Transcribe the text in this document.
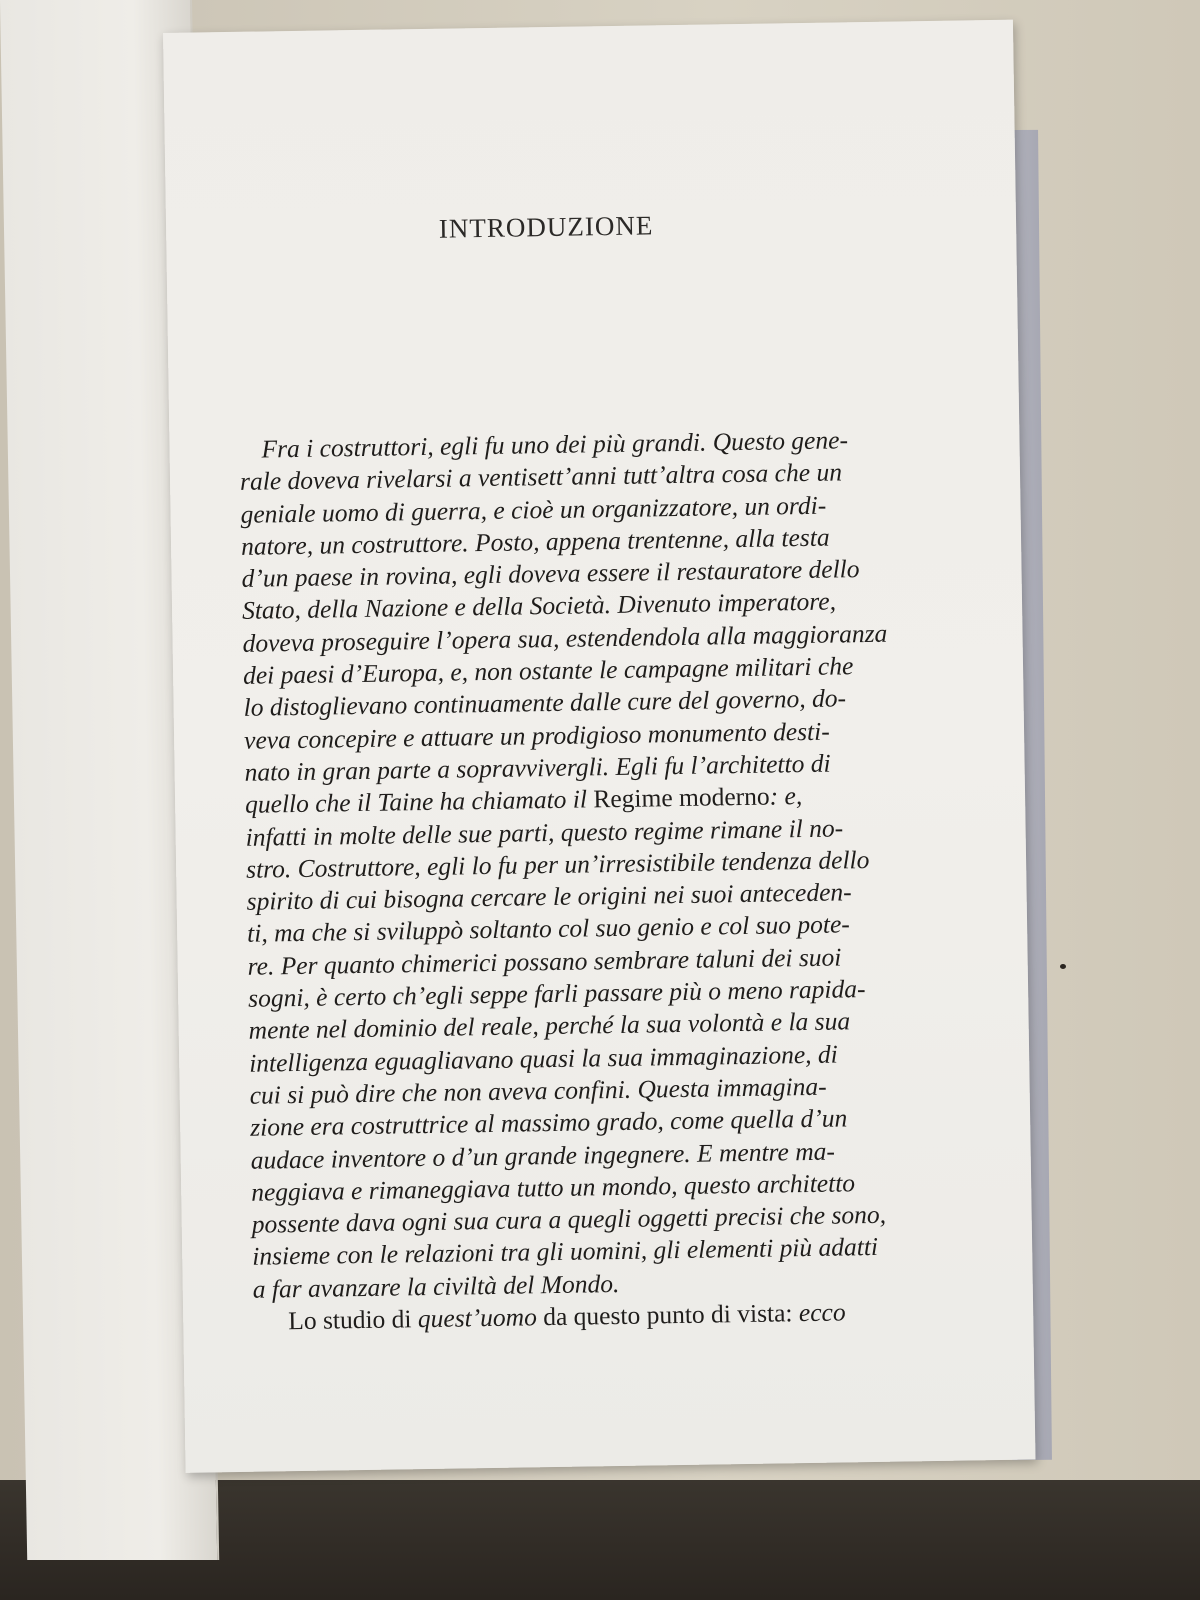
INTRODUZIONE
Fra i costruttori, egli fu uno dei più grandi. Questo gene-
rale doveva rivelarsi a ventisett’anni tutt’altra cosa che un
geniale uomo di guerra, e cioè un organizzatore, un ordi-
natore, un costruttore. Posto, appena trentenne, alla testa
d’un paese in rovina, egli doveva essere il restauratore dello
Stato, della Nazione e della Società. Divenuto imperatore,
doveva proseguire l’opera sua, estendendola alla maggioranza
dei paesi d’Europa, e, non ostante le campagne militari che
lo distoglievano continuamente dalle cure del governo, do-
veva concepire e attuare un prodigioso monumento desti-
nato in gran parte a sopravvivergli. Egli fu l’architetto di
quello che il Taine ha chiamato il Regime moderno: e,
infatti in molte delle sue parti, questo regime rimane il no-
stro. Costruttore, egli lo fu per un’irresistibile tendenza dello
spirito di cui bisogna cercare le origini nei suoi anteceden-
ti, ma che si sviluppò soltanto col suo genio e col suo pote-
re. Per quanto chimerici possano sembrare taluni dei suoi
sogni, è certo ch’egli seppe farli passare più o meno rapida-
mente nel dominio del reale, perché la sua volontà e la sua
intelligenza eguagliavano quasi la sua immaginazione, di
cui si può dire che non aveva confini. Questa immagina-
zione era costruttrice al massimo grado, come quella d’un
audace inventore o d’un grande ingegnere. E mentre ma-
neggiava e rimaneggiava tutto un mondo, questo architetto
possente dava ogni sua cura a quegli oggetti precisi che sono,
insieme con le relazioni tra gli uomini, gli elementi più adatti
a far avanzare la civiltà del Mondo.
Lo studio di quest’uomo da questo punto di vista: ecco
